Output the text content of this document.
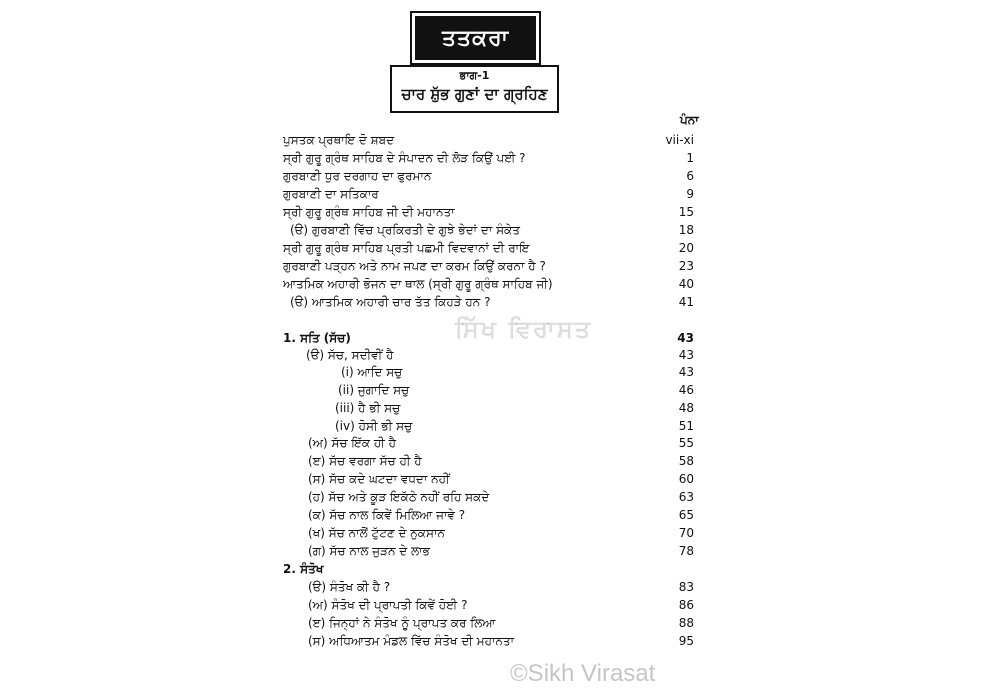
ਤਤਕਰਾ
ਭਾਗ-1
ਚਾਰ ਸ਼ੁੱਭ ਗੁਣਾਂ ਦਾ ਗ੍ਰਹਿਣ
ਪੰਨਾ
ਸਿੱਖ ਵਿਰਾਸਤ
ਪੁਸਤਕ ਪ੍ਰਥਾਇ ਦੋ ਸ਼ਬਦ	vii-xi
ਸ੍ਰੀ ਗੁਰੂ ਗ੍ਰੰਥ ਸਾਹਿਬ ਦੇ ਸੰਪਾਦਨ ਦੀ ਲੋੜ ਕਿਉਂ ਪਈ ?	1
ਗੁਰਬਾਣੀ ਧੁਰ ਦਰਗਾਹ ਦਾ ਫੁਰਮਾਨ	6
ਗੁਰਬਾਣੀ ਦਾ ਸਤਿਕਾਰ	9
ਸ੍ਰੀ ਗੁਰੂ ਗ੍ਰੰਥ ਸਾਹਿਬ ਜੀ ਦੀ ਮਹਾਨਤਾ	15
(ੳ) ਗੁਰਬਾਣੀ ਵਿੱਚ ਪ੍ਰਕਿਰਤੀ ਦੇ ਗੁਝੇ ਭੇਦਾਂ ਦਾ ਸੰਕੇਤ	18
ਸ੍ਰੀ ਗੁਰੂ ਗ੍ਰੰਥ ਸਾਹਿਬ ਪ੍ਰਤੀ ਪਛਮੀ ਵਿਦਵਾਨਾਂ ਦੀ ਰਾਇ	20
ਗੁਰਬਾਣੀ ਪੜ੍ਹਨ ਅਤੇ ਨਾਮ ਜਪਣ ਦਾ ਕਰਮ ਕਿਉਂ ਕਰਨਾ ਹੈ ?	23
ਆਤਮਿਕ ਅਹਾਰੀ ਭੋਜਨ ਦਾ ਥਾਲ (ਸ੍ਰੀ ਗੁਰੂ ਗ੍ਰੰਥ ਸਾਹਿਬ ਜੀ)	40
(ੳ) ਆਤਮਿਕ ਅਹਾਰੀ ਚਾਰ ਤੱਤ ਕਿਹੜੇ ਹਨ ?	41
1. ਸਤਿ (ਸੱਚ)	43
(ੳ) ਸੱਚ, ਸਦੀਵੀਂ ਹੈ	43
(i) ਆਦਿ ਸਚੁ	43
(ii) ਜੁਗਾਦਿ ਸਚੁ	46
(iii) ਹੈ ਭੀ ਸਚੁ	48
(iv) ਹੋਸੀ ਭੀ ਸਚੁ	51
(ਅ) ਸੱਚ ਇੱਕ ਹੀ ਹੈ	55
(ੲ) ਸੱਚ ਵਰਗਾ ਸੱਚ ਹੀ ਹੈ	58
(ਸ) ਸੱਚ ਕਦੇ ਘਟਦਾ ਵਧਦਾ ਨਹੀਂ	60
(ਹ) ਸੱਚ ਅਤੇ ਕੂੜ ਇਕੱਠੇ ਨਹੀਂ ਰਹਿ ਸਕਦੇ	63
(ਕ) ਸੱਚ ਨਾਲ ਕਿਵੇਂ ਮਿਲਿਆ ਜਾਵੇ ?	65
(ਖ) ਸੱਚ ਨਾਲੋਂ ਟੁੱਟਣ ਦੇ ਨੁਕਸਾਨ	70
(ਗ) ਸੱਚ ਨਾਲ ਜੁੜਨ ਦੇ ਲਾਭ	78
2. ਸੰਤੋਖ
(ੳ) ਸੰਤੋਖ ਕੀ ਹੈ ?	83
(ਅ) ਸੰਤੋਖ ਦੀ ਪ੍ਰਾਪਤੀ ਕਿਵੇਂ ਹੋਈ ?	86
(ੲ) ਜਿਨ੍ਹਾਂ ਨੇ ਸੰਤੋਖ ਨੂੰ ਪ੍ਰਾਪਤ ਕਰ ਲਿਆ	88
(ਸ) ਅਧਿਆਤਮ ਮੰਡਲ ਵਿੱਚ ਸੰਤੋਖ ਦੀ ਮਹਾਨਤਾ	95
©Sikh Virasat
